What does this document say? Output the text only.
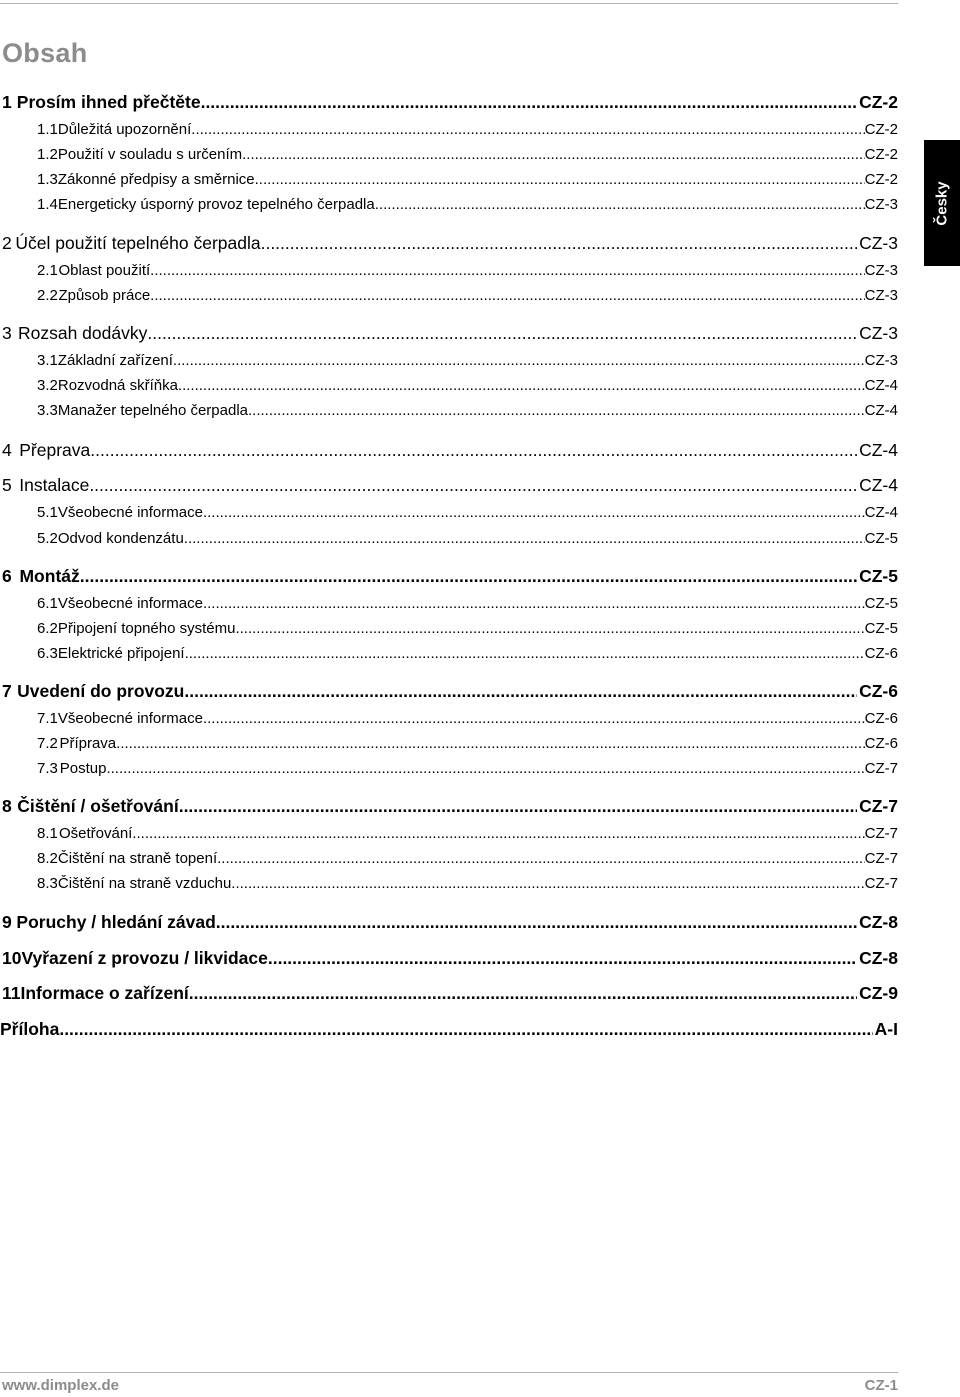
Obsah
1 Prosím ihned přečtěte .....	CZ-2
1.1 Důležitá upozornění .....	CZ-2
1.2 Použití v souladu s určením .....	CZ-2
1.3 Zákonné předpisy a směrnice .....	CZ-2
1.4 Energeticky úsporný provoz tepelného čerpadla .....	CZ-3
2 Účel použití tepelného čerpadla .....	CZ-3
2.1 Oblast použití .....	CZ-3
2.2 Způsob práce .....	CZ-3
3 Rozsah dodávky .....	CZ-3
3.1 Základní zařízení .....	CZ-3
3.2 Rozvodná skříňka .....	CZ-4
3.3 Manažer tepelného čerpadla .....	CZ-4
4 Přeprava .....	CZ-4
5 Instalace .....	CZ-4
5.1 Všeobecné informace .....	CZ-4
5.2 Odvod kondenzátu .....	CZ-5
6 Montáž .....	CZ-5
6.1 Všeobecné informace .....	CZ-5
6.2 Připojení topného systému .....	CZ-5
6.3 Elektrické připojení .....	CZ-6
7 Uvedení do provozu .....	CZ-6
7.1 Všeobecné informace .....	CZ-6
7.2 Příprava .....	CZ-6
7.3 Postup .....	CZ-7
8 Čištění / ošetřování .....	CZ-7
8.1 Ošetřování .....	CZ-7
8.2 Čištění na straně topení .....	CZ-7
8.3 Čištění na straně vzduchu .....	CZ-7
9 Poruchy / hledání závad .....	CZ-8
10 Vyřazení z provozu / likvidace .....	CZ-8
11 Informace o zařízení .....	CZ-9
Příloha .....	A-I
Česky
www.dimplex.de	CZ-1
